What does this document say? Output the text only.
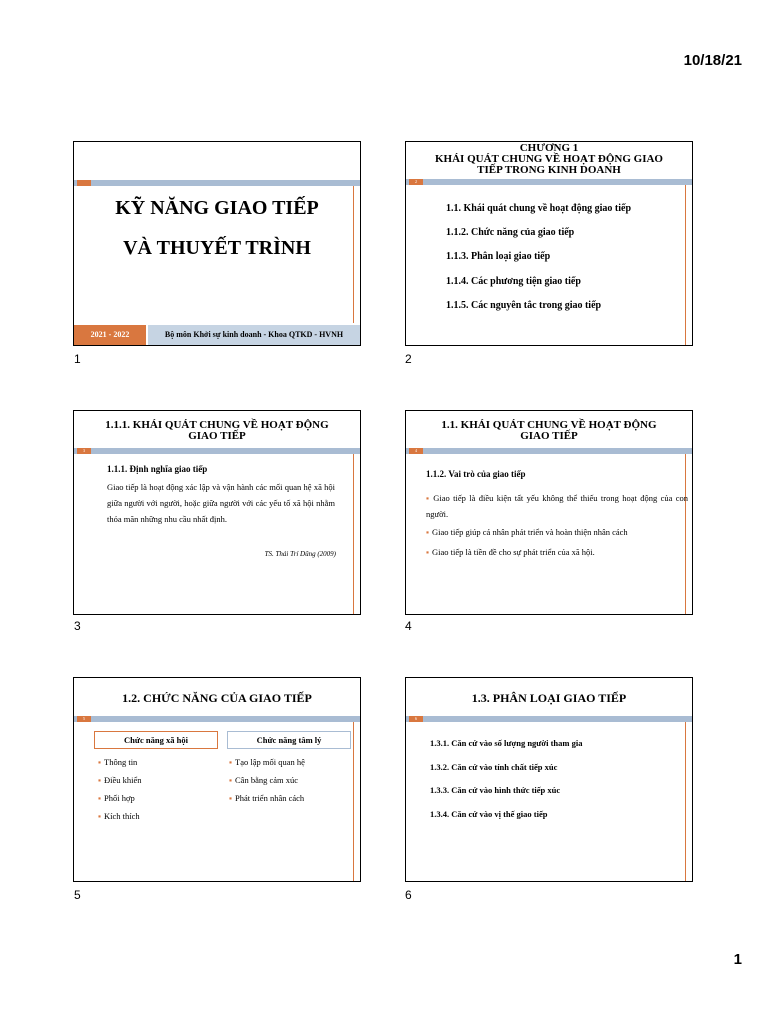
10/18/21
KỸ NĂNG GIAO TIẾP
VÀ THUYẾT TRÌNH
2021 - 2022	Bộ môn Khởi sự kinh doanh - Khoa QTKD - HVNH
1
CHƯƠNG 1
KHÁI QUÁT CHUNG VỀ HOẠT ĐỘNG GIAO
TIẾP TRONG KINH DOANH
2
1.1. Khái quát chung về hoạt động giao tiếp
1.1.2. Chức năng của giao tiếp
1.1.3. Phân loại giao tiếp
1.1.4. Các phương tiện giao tiếp
1.1.5. Các nguyên tắc trong giao tiếp
2
1.1.1. KHÁI QUÁT CHUNG VỀ HOẠT ĐỘNG
GIAO TIẾP
3
1.1.1. Định nghĩa giao tiếp
Giao tiếp là hoạt động xác lập và vận hành các mối quan hệ xã hội giữa người với người, hoặc giữa người với các yếu tố xã hội nhằm thỏa mãn những nhu cầu nhất định.
TS. Thái Trí Dũng (2009)
3
1.1. KHÁI QUÁT CHUNG VỀ HOẠT ĐỘNG
GIAO TIẾP
4
1.1.2. Vai trò của giao tiếp
▪ Giao tiếp là điều kiện tất yếu không thể thiếu trong hoạt động của con người.
▪ Giao tiếp giúp cá nhân phát triển và hoàn thiện nhân cách
▪ Giao tiếp là tiền đề cho sự phát triển của xã hội.
4
1.2. CHỨC NĂNG CỦA GIAO TIẾP
5
Chức năng xã hội	Chức năng tâm lý
▪ Thông tin
▪ Điều khiển
▪ Phối hợp
▪ Kích thích
▪ Tạo lập mối quan hệ
▪ Cân bằng cảm xúc
▪ Phát triển nhân cách
5
1.3. PHÂN LOẠI GIAO TIẾP
6
1.3.1. Căn cứ vào số lượng người tham gia
1.3.2. Căn cứ vào tính chất tiếp xúc
1.3.3. Căn cứ vào hình thức tiếp xúc
1.3.4. Căn cứ vào vị thế giao tiếp
6
1
